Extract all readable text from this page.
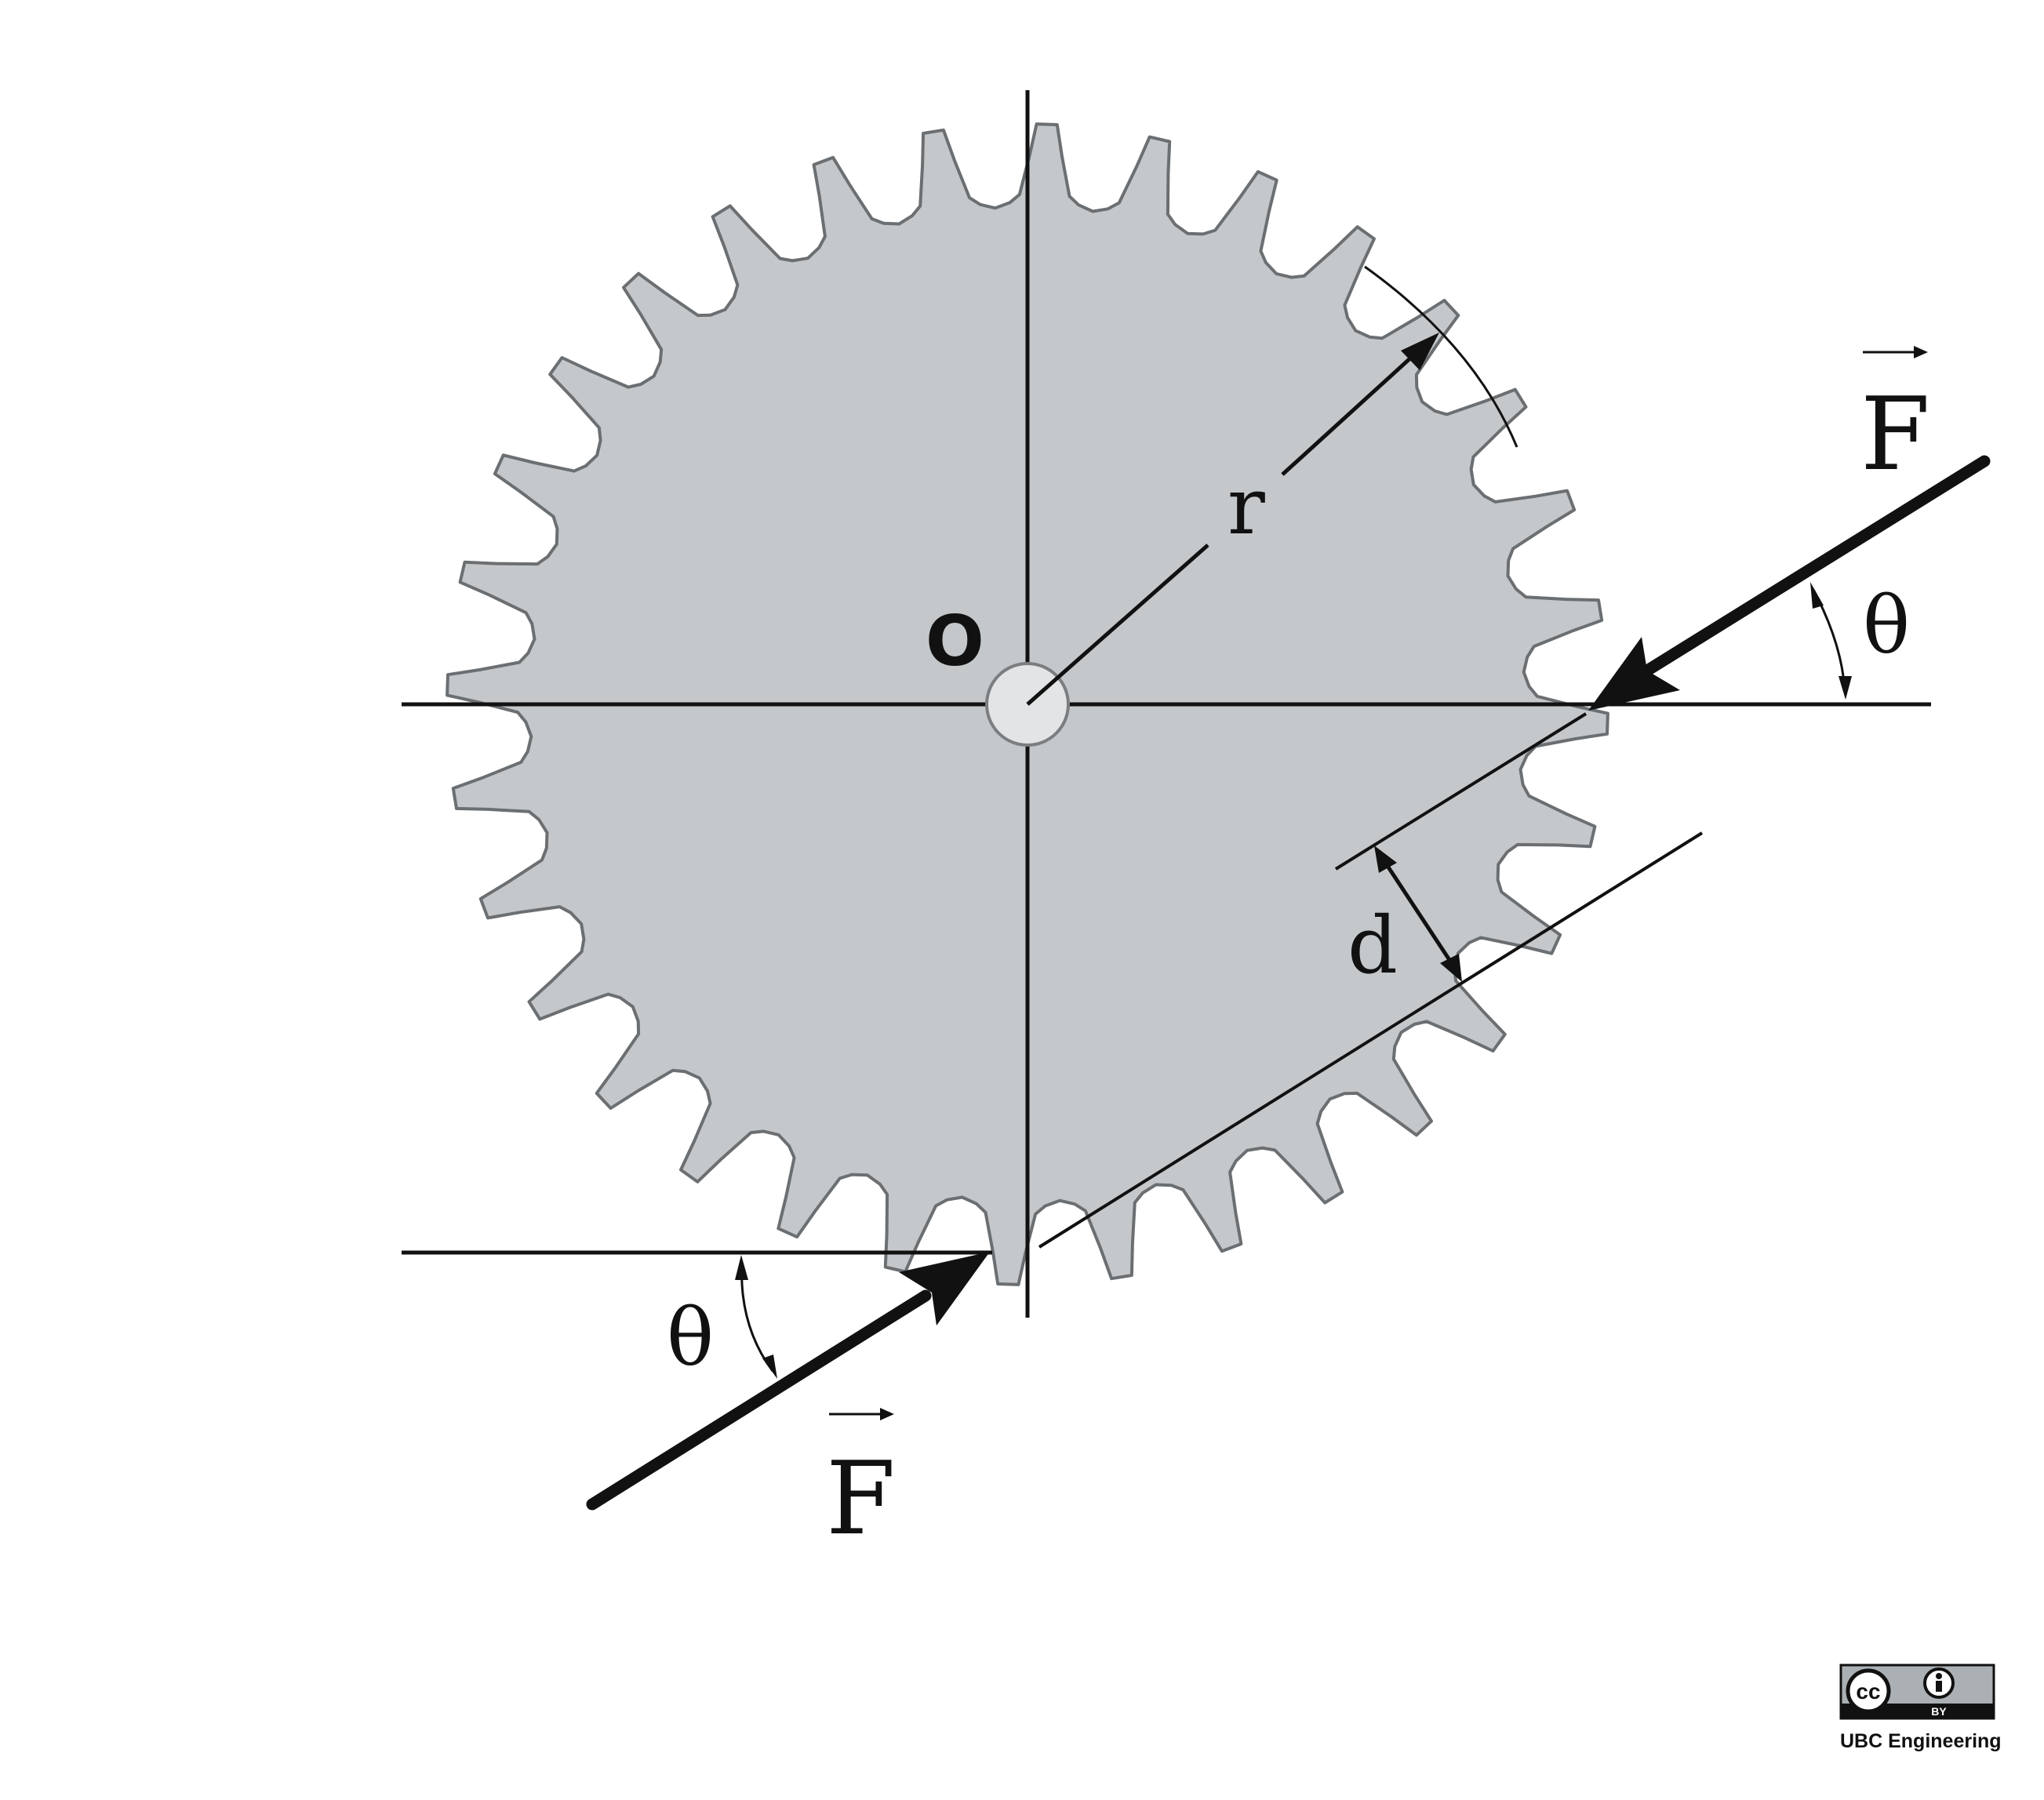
O
r
d
θ
θ
F
F
cc
BY
UBC Engineering
